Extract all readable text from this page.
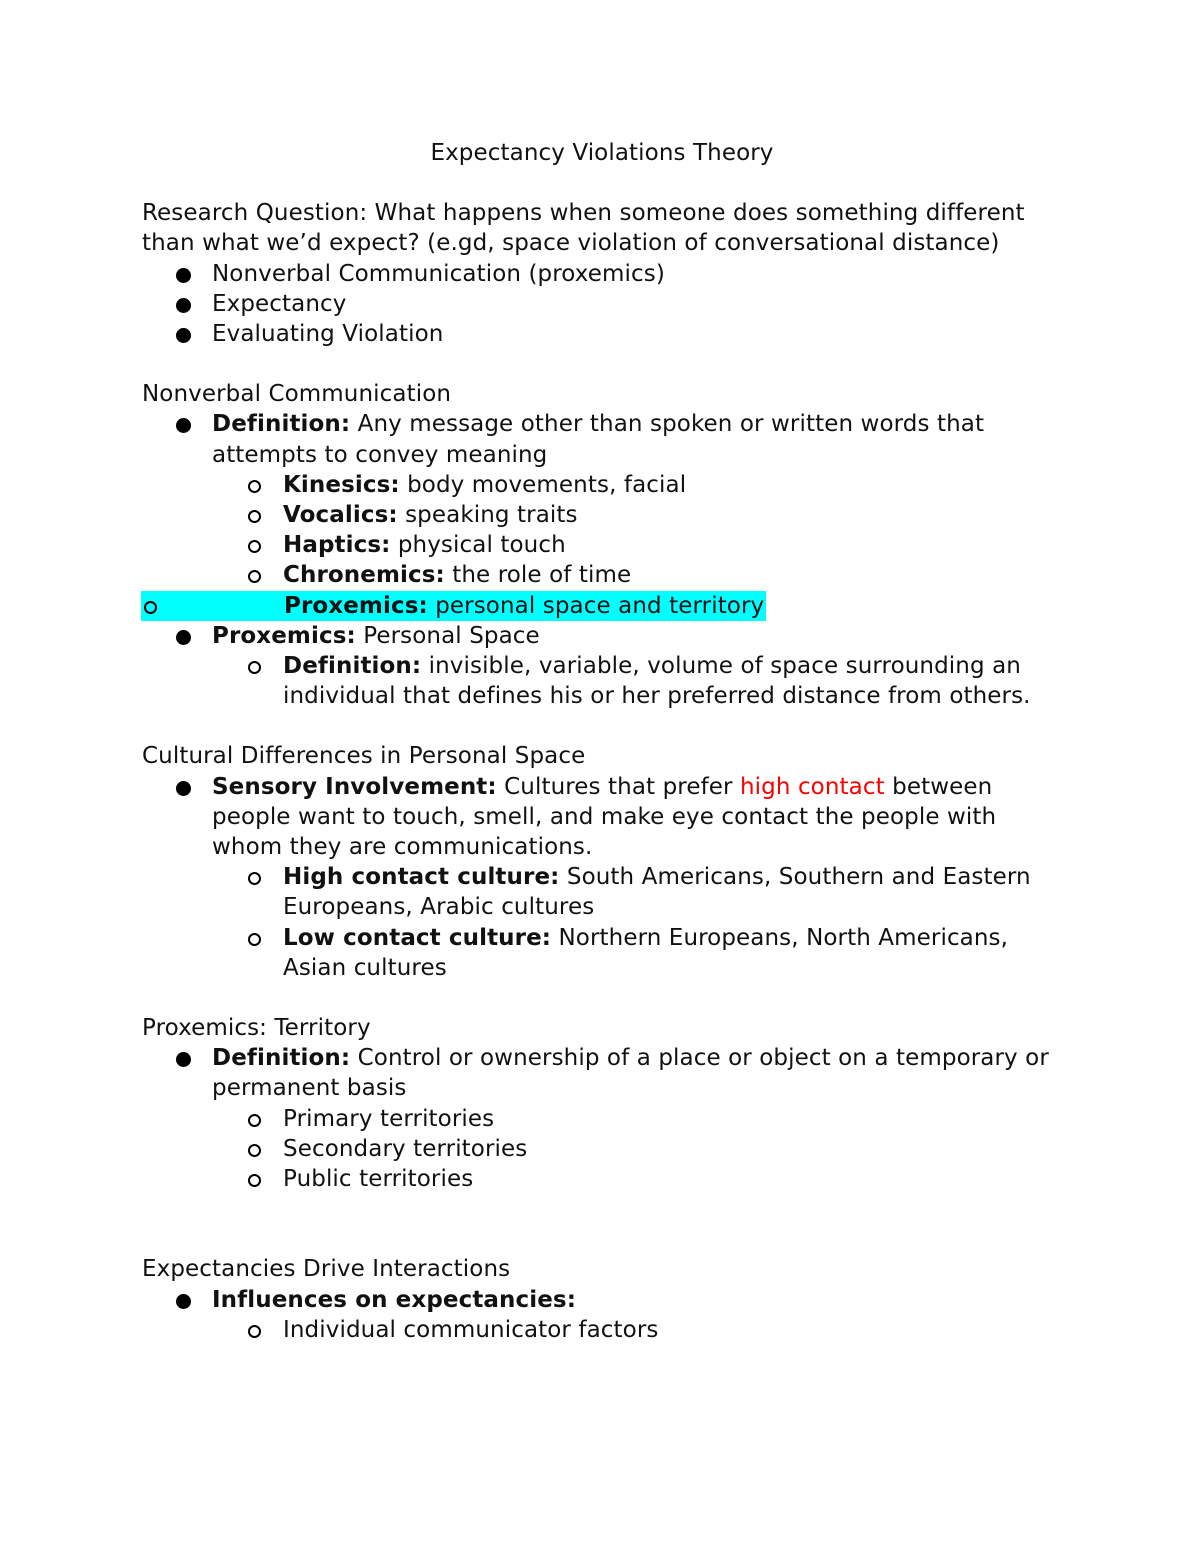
Expectancy Violations Theory

Research Question: What happens when someone does something different than what we’d expect? (e.gd, space violation of conversational distance)

Nonverbal Communication (proxemics)
Expectancy
Evaluating Violation

Nonverbal Communication

Definition: Any message other than spoken or written words that attempts to convey meaning
Kinesics: body movements, facial
Vocalics: speaking traits
Haptics: physical touch
Chronemics: the role of time
Proxemics: personal space and territory
Proxemics: Personal Space
Definition: invisible, variable, volume of space surrounding an individual that defines his or her preferred distance from others.

Cultural Differences in Personal Space

Sensory Involvement: Cultures that prefer high contact between people want to touch, smell, and make eye contact the people with whom they are communications.
High contact culture: South Americans, Southern and Eastern Europeans, Arabic cultures
Low contact culture: Northern Europeans, North Americans, Asian cultures

Proxemics: Territory

Definition: Control or ownership of a place or object on a temporary or permanent basis
Primary territories
Secondary territories
Public territories

Expectancies Drive Interactions

Influences on expectancies:
Individual communicator factors
